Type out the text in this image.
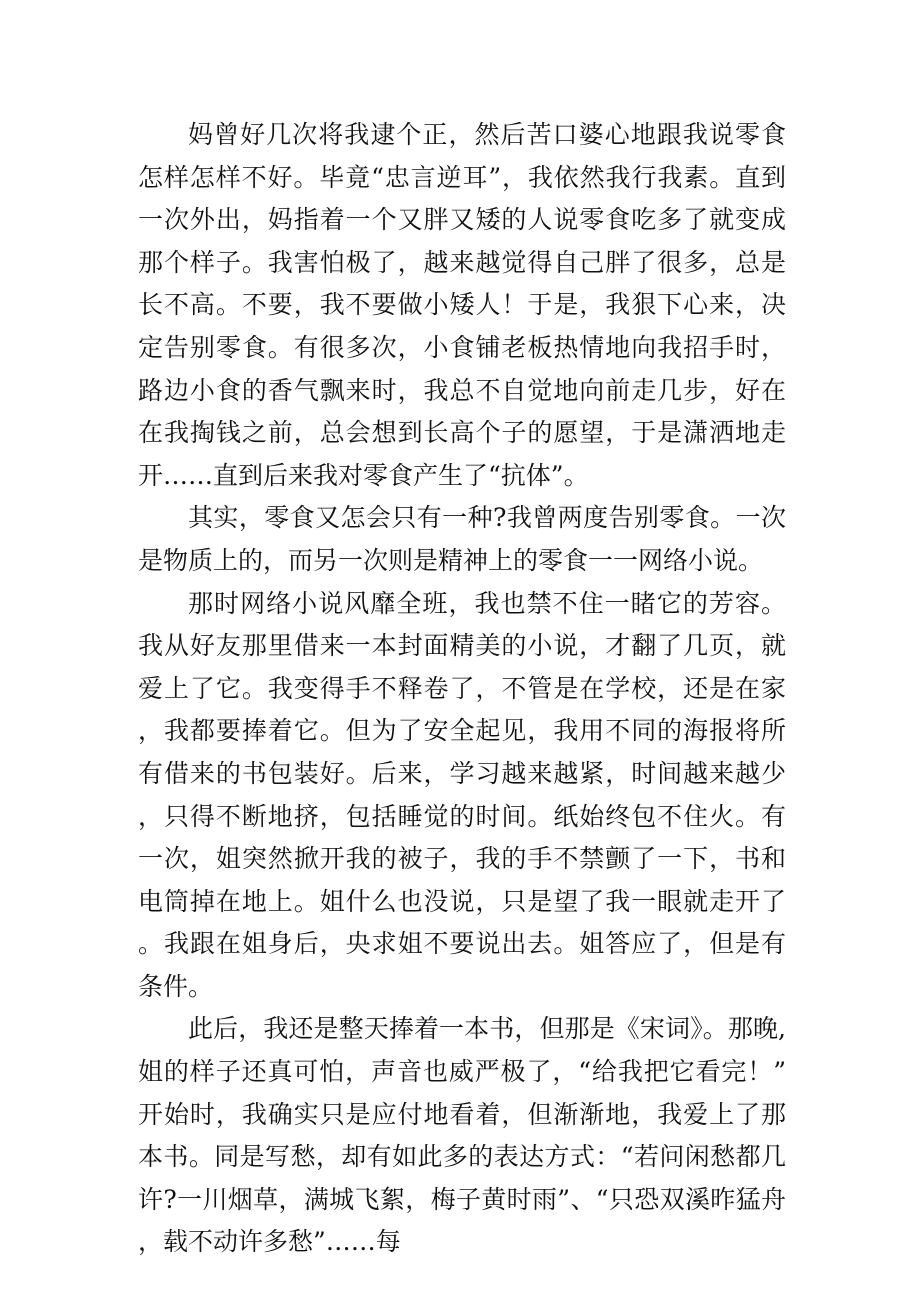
妈曾好几次将我逮个正，然后苦口婆心地跟我说零食怎样怎样不好。毕竟“忠言逆耳”，我依然我行我素。直到一次外出，妈指着一个又胖又矮的人说零食吃多了就变成那个样子。我害怕极了，越来越觉得自己胖了很多，总是长不高。不要，我不要做小矮人！于是，我狠下心来，决定告别零食。有很多次，小食铺老板热情地向我招手时，路边小食的香气飘来时，我总不自觉地向前走几步，好在在我掏钱之前，总会想到长高个子的愿望，于是潇洒地走开……直到后来我对零食产生了“抗体”。

其实，零食又怎会只有一种?我曾两度告别零食。一次是物质上的，而另一次则是精神上的零食一一网络小说。

那时网络小说风靡全班，我也禁不住一睹它的芳容。我从好友那里借来一本封面精美的小说，才翻了几页，就爱上了它。我变得手不释卷了，不管是在学校，还是在家，我都要捧着它。但为了安全起见，我用不同的海报将所有借来的书包装好。后来，学习越来越紧，时间越来越少，只得不断地挤，包括睡觉的时间。纸始终包不住火。有一次，姐突然掀开我的被子，我的手不禁颤了一下，书和电筒掉在地上。姐什么也没说，只是望了我一眼就走开了。我跟在姐身后，央求姐不要说出去。姐答应了，但是有条件。

此后，我还是整天捧着一本书，但那是《宋词》。那晚,姐的样子还真可怕，声音也威严极了，“给我把它看完！”开始时，我确实只是应付地看着，但渐渐地，我爱上了那本书。同是写愁，却有如此多的表达方式：“若问闲愁都几许?一川烟草，满城飞絮，梅子黄时雨”、“只恐双溪昨猛舟，载不动许多愁”……每
